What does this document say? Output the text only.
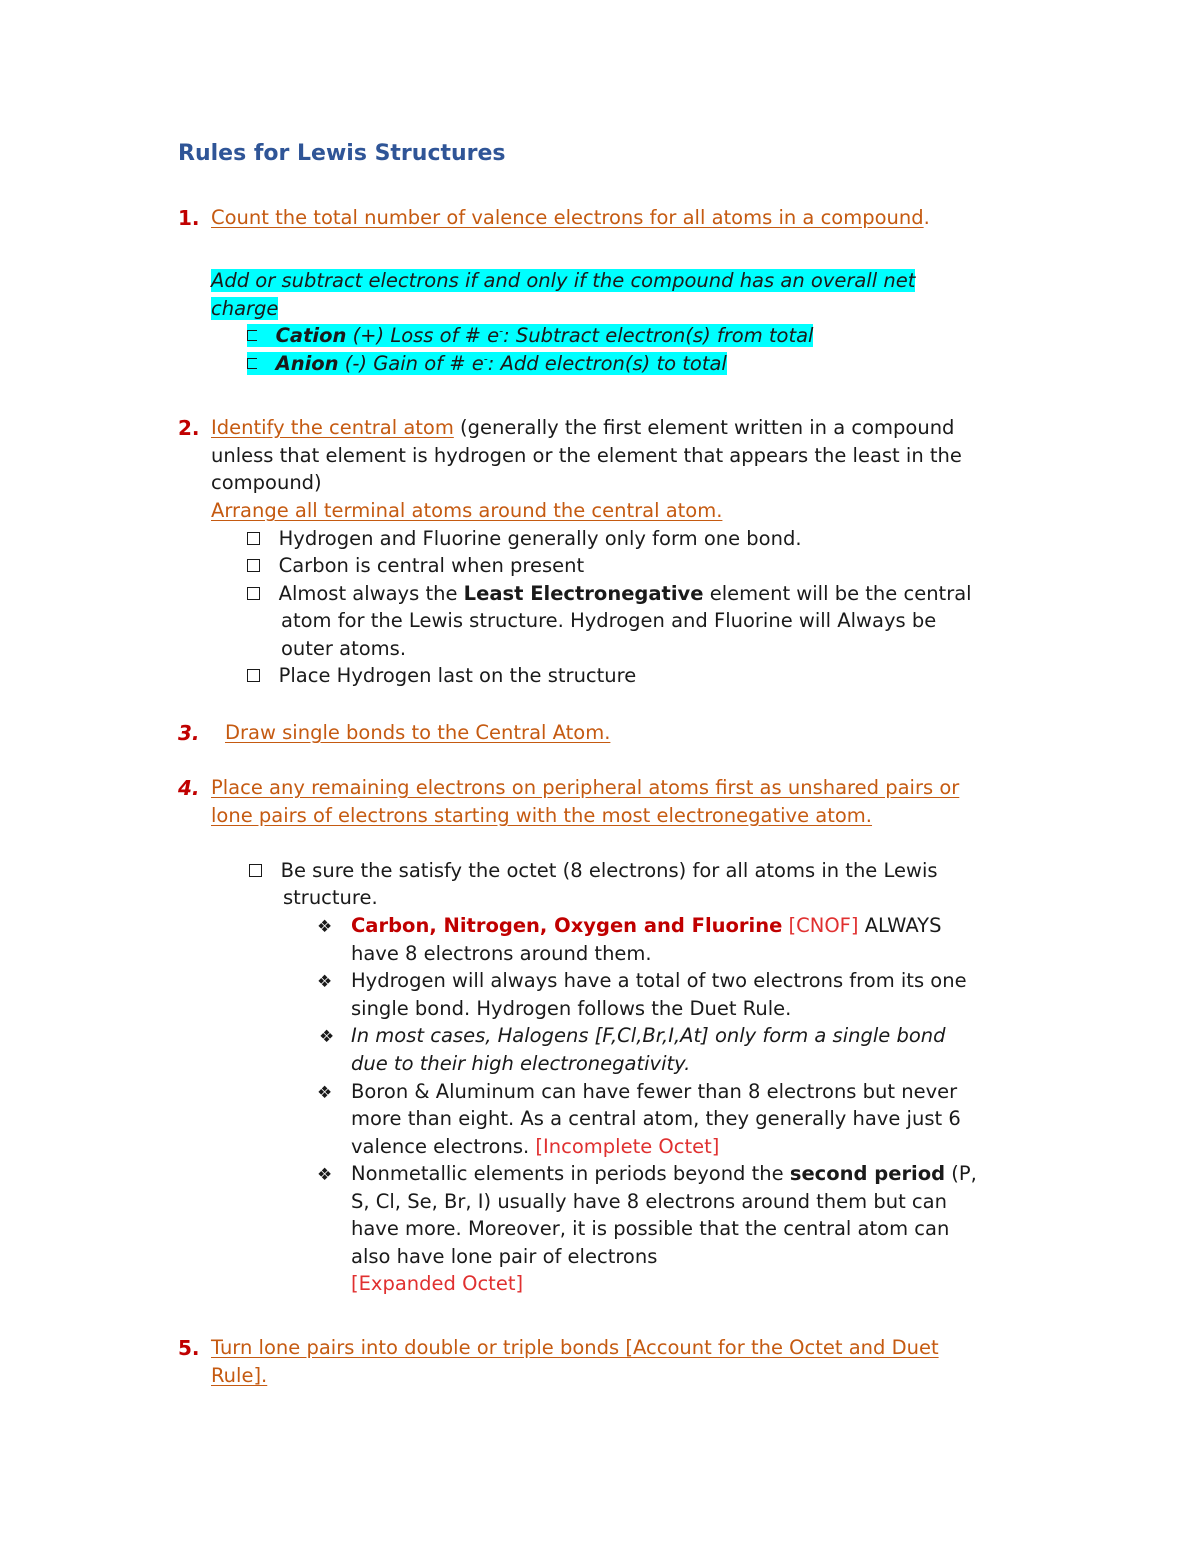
Rules for Lewis Structures
1. Count the total number of valence electrons for all atoms in a compound.
Add or subtract electrons if and only if the compound has an overall net
charge
Cation (+) Loss of # e-: Subtract electron(s) from total
Anion (-) Gain of # e-: Add electron(s) to total
2. Identify the central atom (generally the first element written in a compound
unless that element is hydrogen or the element that appears the least in the
compound)
Arrange all terminal atoms around the central atom.
Hydrogen and Fluorine generally only form one bond.
Carbon is central when present
Almost always the Least Electronegative element will be the central
atom for the Lewis structure. Hydrogen and Fluorine will Always be
outer atoms.
Place Hydrogen last on the structure
3. Draw single bonds to the Central Atom.
4. Place any remaining electrons on peripheral atoms first as unshared pairs or
lone pairs of electrons starting with the most electronegative atom.
Be sure the satisfy the octet (8 electrons) for all atoms in the Lewis
structure.
❖ Carbon, Nitrogen, Oxygen and Fluorine [CNOF] ALWAYS
have 8 electrons around them.
❖ Hydrogen will always have a total of two electrons from its one
single bond. Hydrogen follows the Duet Rule.
❖ In most cases, Halogens [F,Cl,Br,I,At] only form a single bond
due to their high electronegativity.
❖ Boron & Aluminum can have fewer than 8 electrons but never
more than eight. As a central atom, they generally have just 6
valence electrons. [Incomplete Octet]
❖ Nonmetallic elements in periods beyond the second period (P,
S, Cl, Se, Br, I) usually have 8 electrons around them but can
have more. Moreover, it is possible that the central atom can
also have lone pair of electrons
[Expanded Octet]
5. Turn lone pairs into double or triple bonds [Account for the Octet and Duet
Rule].
